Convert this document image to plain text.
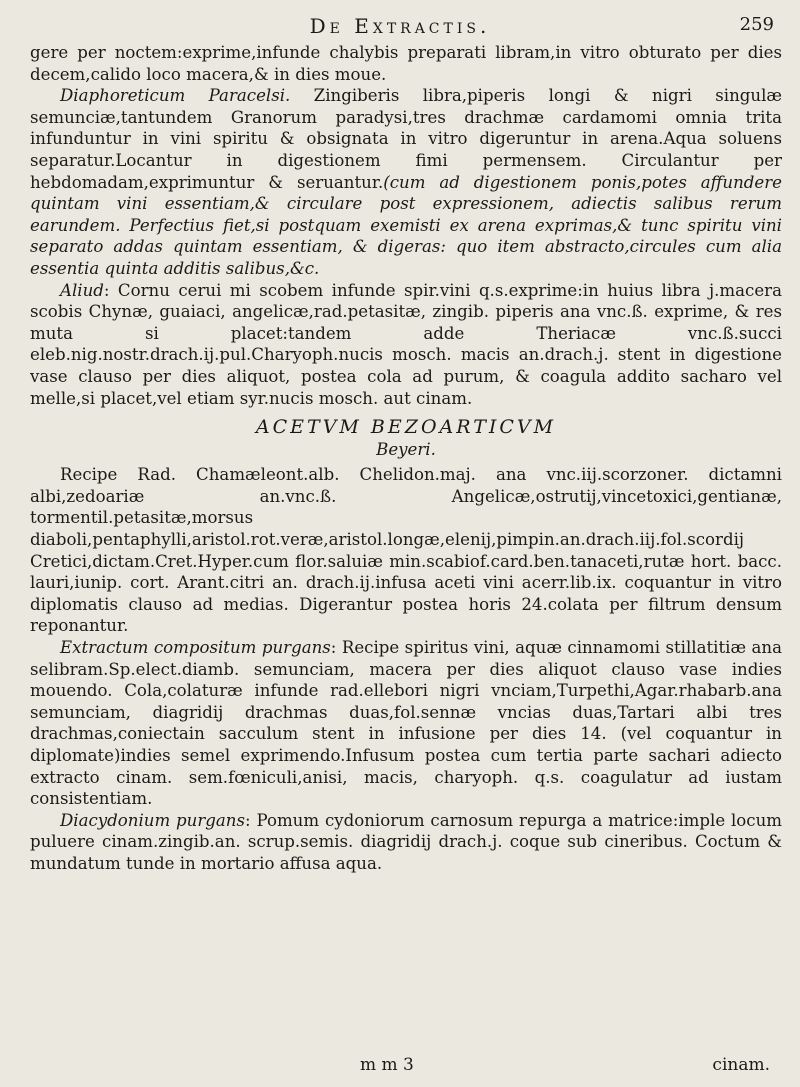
De Extractis.	259

gere per noctem:exprime,infunde chalybis preparati libram,in vitro obturato per dies decem,calido loco macera,& in dies moue.

Diaphoreticum Paracelsi. Zingiberis libra,piperis longi & nigri singulæ semunciæ,tantundem Granorum paradysi,tres drachmæ cardamomi omnia trita infunduntur in vini spiritu & obsignata in vitro digeruntur in arena.Aqua soluens separatur.Locantur in digestionem fimi permensem. Circulantur per hebdomadam,exprimuntur & seruantur.(cum ad digestionem ponis,potes affundere quintam vini essentiam,& circulare post expressionem, adiectis salibus rerum earundem. Perfectius fiet,si postquam exemisti ex arena exprimas,& tunc spiritu vini separato addas quintam essentiam, & digeras: quo item abstracto,circules cum alia essentia quinta additis salibus,&c.

Aliud: Cornu cerui mi scobem infunde spir.vini q.s.exprime:in huius libra j.macera scobis Chynæ, guaiaci, angelicæ,rad.petasitæ, zingib. piperis ana vnc.ß. exprime, & res muta si placet:tandem adde Theriacæ vnc.ß.succi eleb.nig.nostr.drach.ij.pul.Charyoph.nucis mosch. macis an.drach.j. stent in digestione vase clauso per dies aliquot, postea cola ad purum, & coagula addito sacharo vel melle,si placet,vel etiam syr.nucis mosch. aut cinam.

ACETVM BEZOARTICVM
Beyeri.

Recipe Rad. Chamæleont.alb. Chelidon.maj. ana vnc.iij.scorzoner. dictamni albi,zedoariæ an.vnc.ß. Angelicæ,ostrutij,vincetoxici,gentianæ, tormentil.petasitæ,morsus diaboli,pentaphylli,aristol.rot.veræ,aristol.longæ,elenij,pimpin.an.drach.iij.fol.scordij Cretici,dictam.Cret.Hyper.cum flor.saluiæ min.scabiof.card.ben.tanaceti,rutæ hort. bacc. lauri,iunip. cort. Arant.citri an. drach.ij.infusa aceti vini acerr.lib.ix. coquantur in vitro diplomatis clauso ad medias. Digerantur postea horis 24.colata per filtrum densum reponantur.

Extractum compositum purgans: Recipe spiritus vini, aquæ cinnamomi stillatitiæ ana selibram.Sp.elect.diamb. semunciam, macera per dies aliquot clauso vase indies mouendo. Cola,colaturæ infunde rad.ellebori nigri vnciam,Turpethi,Agar.rhabarb.ana semunciam, diagridij drachmas duas,fol.sennæ vncias duas,Tartari albi tres drachmas,coniectain sacculum stent in infusione per dies 14. (vel coquantur in diplomate)indies semel exprimendo.Infusum postea cum tertia parte sachari adiecto extracto cinam. sem.fœniculi,anisi, macis, charyoph. q.s. coagulatur ad iustam consistentiam.

Diacydonium purgans: Pomum cydoniorum carnosum repurga a matrice:imple locum puluere cinam.zingib.an. scrup.semis. diagridij drach.j. coque sub cineribus. Coctum & mundatum tunde in mortario affusa aqua.

m m 3	cinam.
